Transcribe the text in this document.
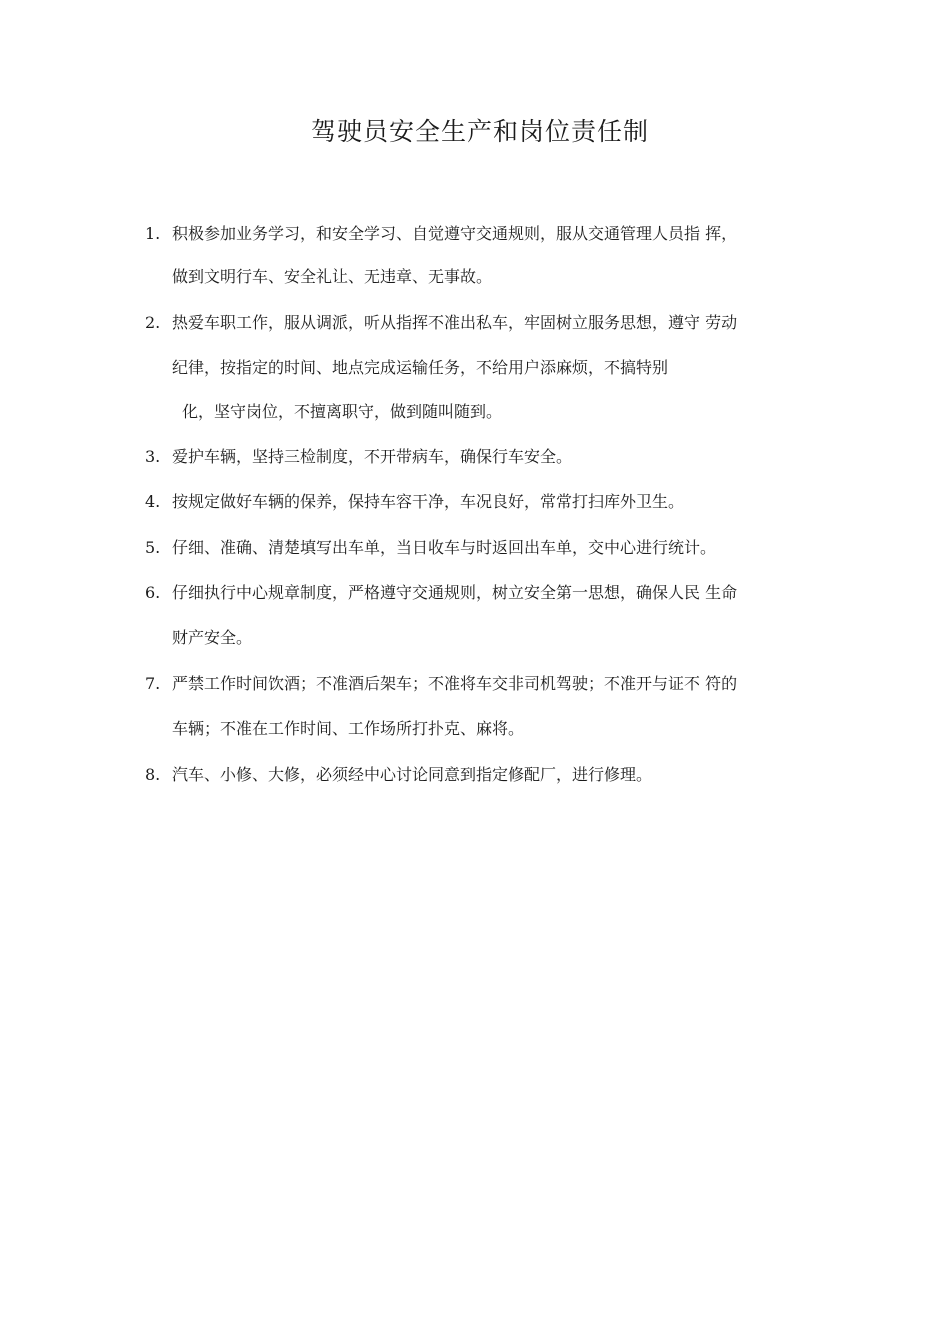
驾驶员安全生产和岗位责任制
1. 积极参加业务学习，和安全学习、自觉遵守交通规则，服从交通管理人员指 挥，
做到文明行车、安全礼让、无违章、无事故。
2. 热爱车职工作，服从调派，听从指挥不准出私车，牢固树立服务思想，遵守 劳动
纪律，按指定的时间、地点完成运输任务，不给用户添麻烦，不搞特别
化，坚守岗位，不擅离职守，做到随叫随到。
3. 爱护车辆，坚持三检制度，不开带病车，确保行车安全。
4. 按规定做好车辆的保养，保持车容干净，车况良好，常常打扫库外卫生。
5. 仔细、准确、清楚填写出车单，当日收车与时返回出车单，交中心进行统计。
6. 仔细执行中心规章制度，严格遵守交通规则，树立安全第一思想，确保人民 生命
财产安全。
7. 严禁工作时间饮酒；不准酒后架车；不准将车交非司机驾驶；不准开与证不 符的
车辆；不准在工作时间、工作场所打扑克、麻将。
8. 汽车、小修、大修，必须经中心讨论同意到指定修配厂，进行修理。
